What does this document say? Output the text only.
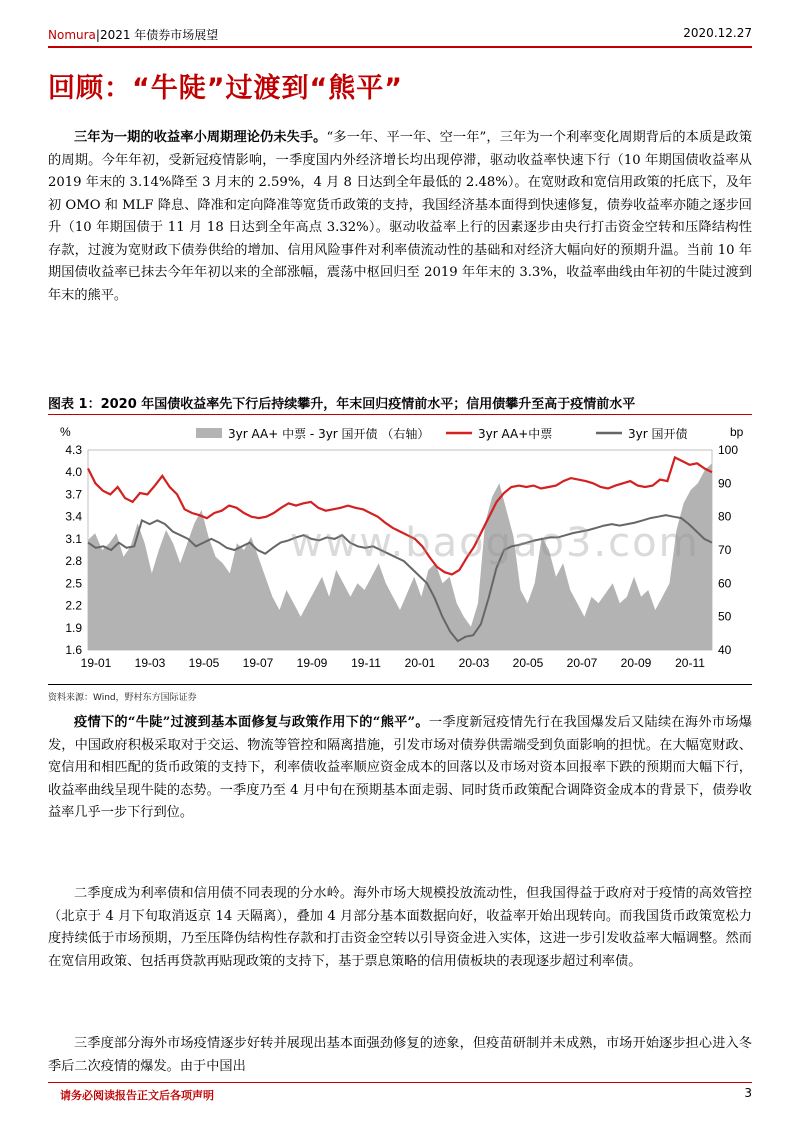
Nomura|2021 年债券市场展望	2020.12.27
回顾：“牛陡”过渡到“熊平”
三年为一期的收益率小周期理论仍未失手。“多一年、平一年、空一年”，三年为一个利率变化周期背后的本质是政策的周期。今年年初，受新冠疫情影响，一季度国内外经济增长均出现停滞，驱动收益率快速下行（10 年期国债收益率从 2019 年末的 3.14%降至 3 月末的 2.59%，4 月 8 日达到全年最低的 2.48%）。在宽财政和宽信用政策的托底下，及年初 OMO 和 MLF 降息、降准和定向降准等宽货币政策的支持，我国经济基本面得到快速修复，债券收益率亦随之逐步回升（10 年期国债于 11 月 18 日达到全年高点 3.32%）。驱动收益率上行的因素逐步由央行打击资金空转和压降结构性存款，过渡为宽财政下债券供给的增加、信用风险事件对利率债流动性的基础和对经济大幅向好的预期升温。当前 10 年期国债收益率已抹去今年年初以来的全部涨幅，震荡中枢回归至 2019 年年末的 3.3%，收益率曲线由年初的牛陡过渡到年末的熊平。
图表 1：2020 年国债收益率先下行后持续攀升，年末回归疫情前水平；信用债攀升至高于疫情前水平
3yr AA+ 中票 - 3yr 国开债 （右轴）	3yr AA+中票	3yr 国开债
%	bp
4.3
4.0
3.7
3.4
3.1
2.8
2.5
2.2
1.9
1.6
100
90
80
70
60
50
40
19-01 19-03 19-05 19-07 19-09 19-11 20-01 20-03 20-05 20-07 20-09 20-11
www.baogao3.com
资料来源：Wind，野村东方国际证券
疫情下的“牛陡”过渡到基本面修复与政策作用下的“熊平”。一季度新冠疫情先行在我国爆发后又陆续在海外市场爆发，中国政府积极采取对于交运、物流等管控和隔离措施，引发市场对债券供需端受到负面影响的担忧。在大幅宽财政、宽信用和相匹配的货币政策的支持下，利率债收益率顺应资金成本的回落以及市场对资本回报率下跌的预期而大幅下行，收益率曲线呈现牛陡的态势。一季度乃至 4 月中旬在预期基本面走弱、同时货币政策配合调降资金成本的背景下，债券收益率几乎一步下行到位。
二季度成为利率债和信用债不同表现的分水岭。海外市场大规模投放流动性，但我国得益于政府对于疫情的高效管控（北京于 4 月下旬取消返京 14 天隔离），叠加 4 月部分基本面数据向好，收益率开始出现转向。而我国货币政策宽松力度持续低于市场预期，乃至压降伪结构性存款和打击资金空转以引导资金进入实体，这进一步引发收益率大幅调整。然而在宽信用政策、包括再贷款再贴现政策的支持下，基于票息策略的信用债板块的表现逐步超过利率债。
三季度部分海外市场疫情逐步好转并展现出基本面强劲修复的迹象，但疫苗研制并未成熟，市场开始逐步担心进入冬季后二次疫情的爆发。由于中国出
请务必阅读报告正文后各项声明	3
